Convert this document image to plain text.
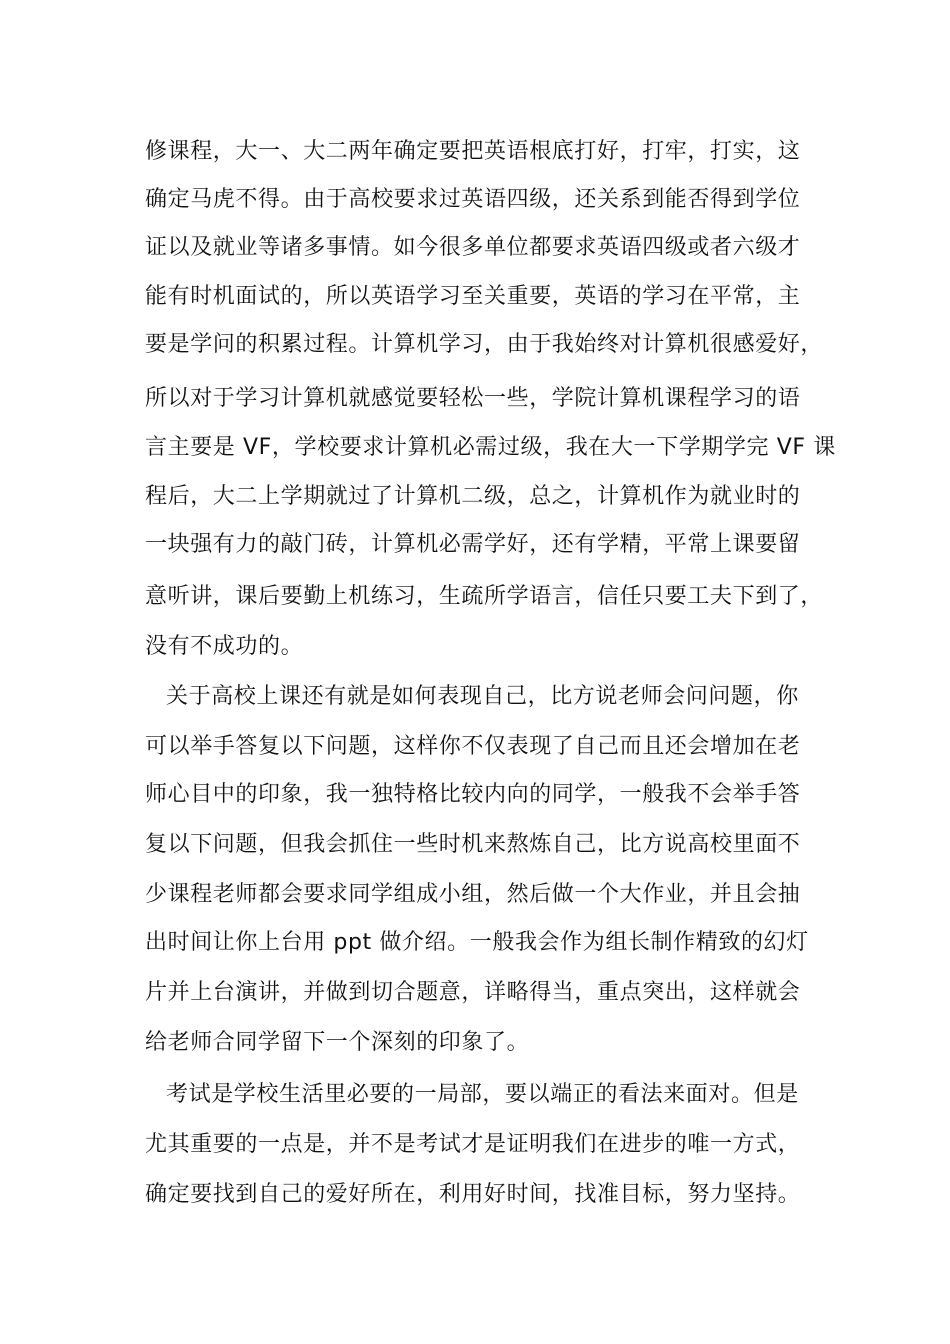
修课程，大一、大二两年确定要把英语根底打好，打牢，打实，这
确定马虎不得。由于高校要求过英语四级，还关系到能否得到学位
证以及就业等诸多事情。如今很多单位都要求英语四级或者六级才
能有时机面试的，所以英语学习至关重要，英语的学习在平常，主
要是学问的积累过程。计算机学习，由于我始终对计算机很感爱好，
所以对于学习计算机就感觉要轻松一些，学院计算机课程学习的语
言主要是 VF，学校要求计算机必需过级，我在大一下学期学完 VF 课
程后，大二上学期就过了计算机二级，总之，计算机作为就业时的
一块强有力的敲门砖，计算机必需学好，还有学精，平常上课要留
意听讲，课后要勤上机练习，生疏所学语言，信任只要工夫下到了，
没有不成功的。
关于高校上课还有就是如何表现自己，比方说老师会问问题，你
可以举手答复以下问题，这样你不仅表现了自己而且还会增加在老
师心目中的印象，我一独特格比较内向的同学，一般我不会举手答
复以下问题，但我会抓住一些时机来熬炼自己，比方说高校里面不
少课程老师都会要求同学组成小组，然后做一个大作业，并且会抽
出时间让你上台用 ppt 做介绍。一般我会作为组长制作精致的幻灯
片并上台演讲，并做到切合题意，详略得当，重点突出，这样就会
给老师合同学留下一个深刻的印象了。
考试是学校生活里必要的一局部，要以端正的看法来面对。但是
尤其重要的一点是，并不是考试才是证明我们在进步的唯一方式，
确定要找到自己的爱好所在，利用好时间，找准目标，努力坚持。
